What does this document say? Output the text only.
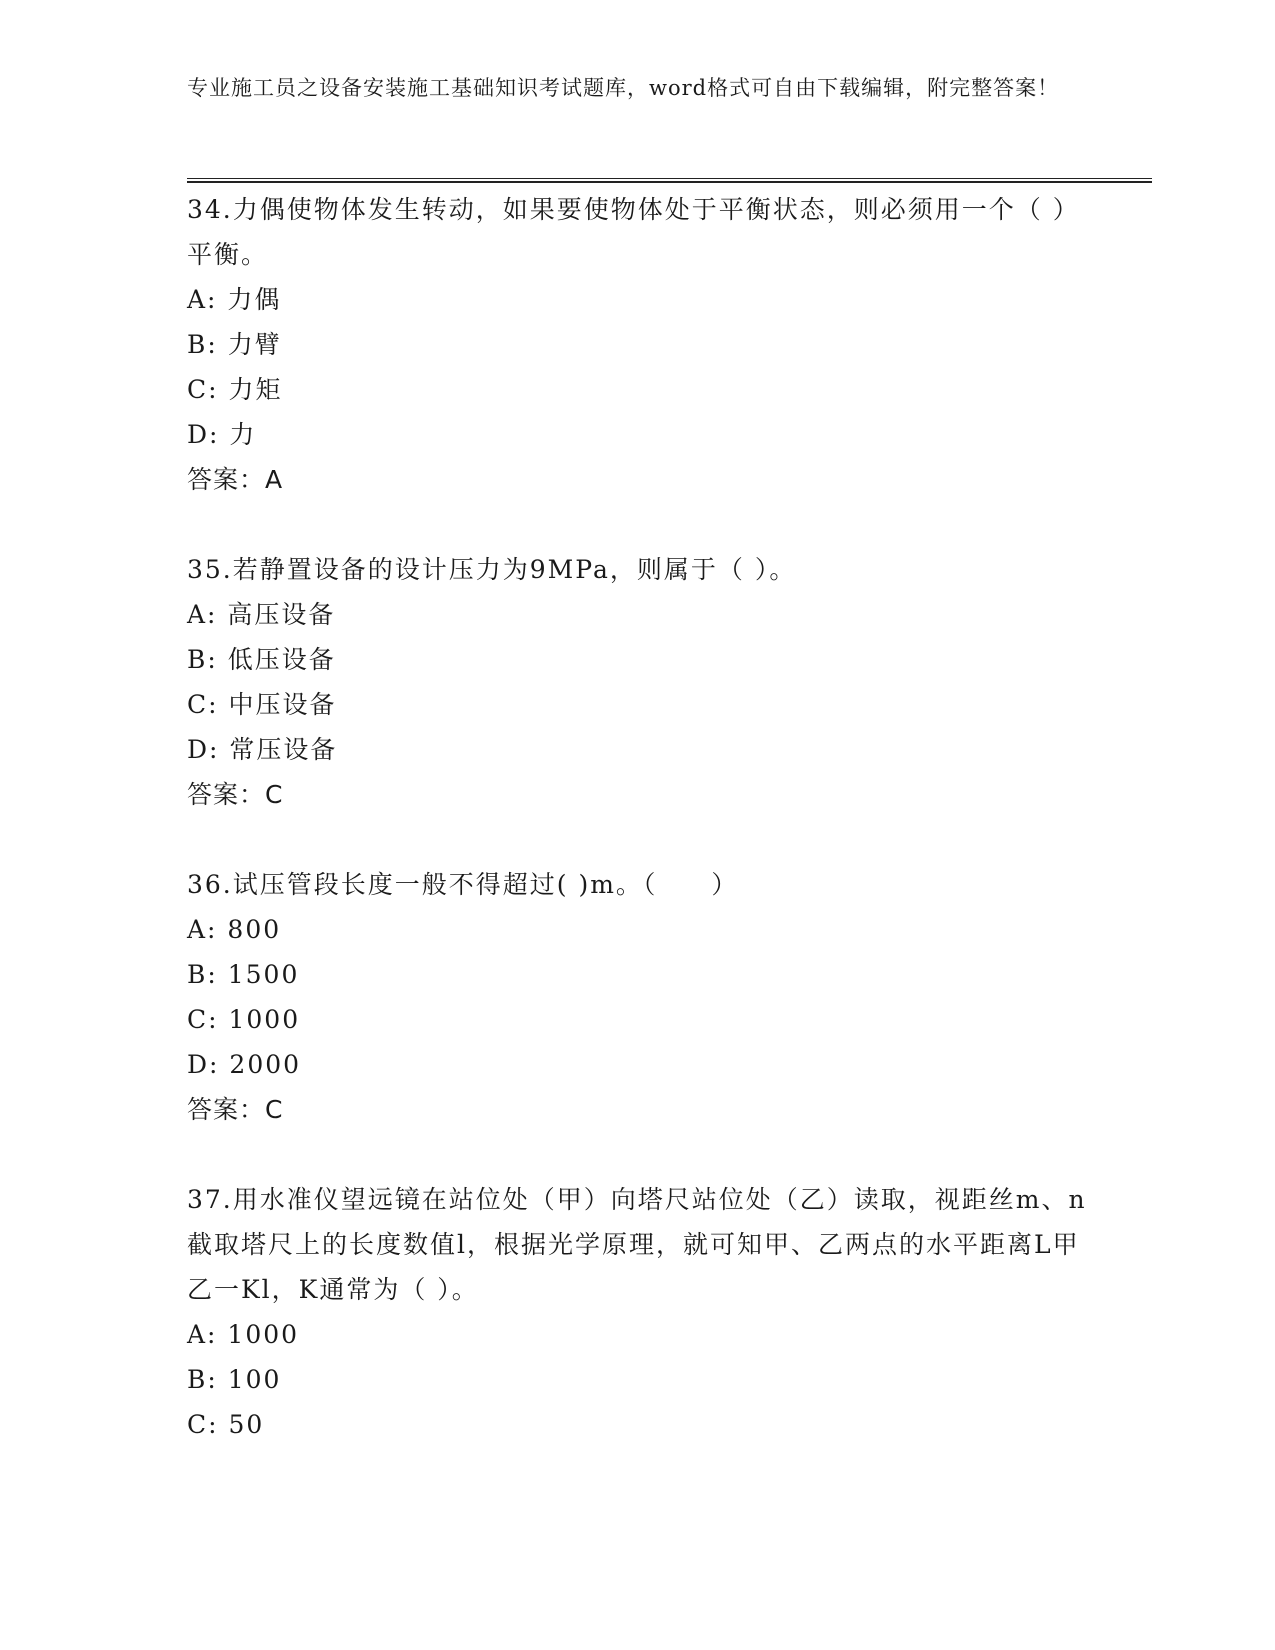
专业施工员之设备安装施工基础知识考试题库，word格式可自由下载编辑，附完整答案！
34.力偶使物体发生转动，如果要使物体处于平衡状态，则必须用一个（ ）平衡。
A: 力偶
B: 力臂
C: 力矩
D: 力
答案：A
35.若静置设备的设计压力为9MPa，则属于（ ）。
A: 高压设备
B: 低压设备
C: 中压设备
D: 常压设备
答案：C
36.试压管段长度一般不得超过( )m。（　　）
A: 800
B: 1500
C: 1000
D: 2000
答案：C
37.用水准仪望远镜在站位处（甲）向塔尺站位处（乙）读取，视距丝m、n截取塔尺上的长度数值l，根据光学原理，就可知甲、乙两点的水平距离L甲乙一Kl，K通常为（ ）。
A: 1000
B: 100
C: 50
